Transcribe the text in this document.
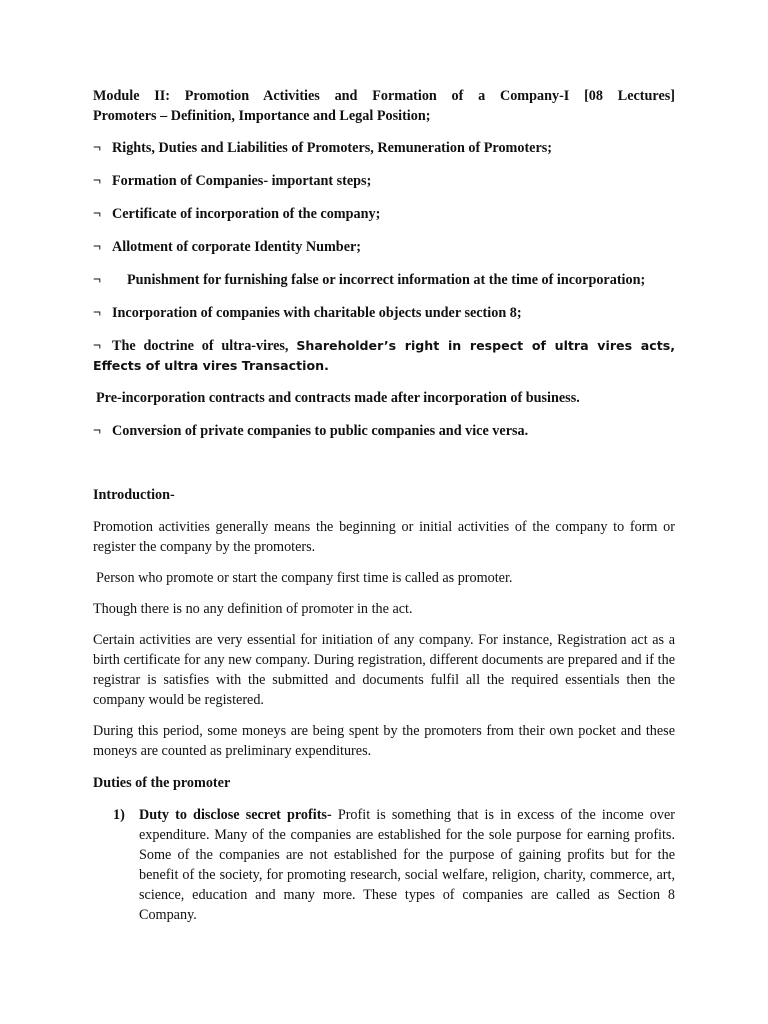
Module II: Promotion Activities and Formation of a Company-I [08 Lectures]

Promoters – Definition, Importance and Legal Position;

¬ Rights, Duties and Liabilities of Promoters, Remuneration of Promoters;

¬ Formation of Companies- important steps;

¬ Certificate of incorporation of the company;

¬ Allotment of corporate Identity Number;

¬ Punishment for furnishing false or incorrect information at the time of incorporation;

¬ Incorporation of companies with charitable objects under section 8;

¬ The doctrine of ultra-vires, Shareholder’s right in respect of ultra vires acts, Effects of ultra vires Transaction.

Pre-incorporation contracts and contracts made after incorporation of business.

¬ Conversion of private companies to public companies and vice versa.

Introduction-

Promotion activities generally means the beginning or initial activities of the company to form or register the company by the promoters.

Person who promote or start the company first time is called as promoter.

Though there is no any definition of promoter in the act.

Certain activities are very essential for initiation of any company. For instance, Registration act as a birth certificate for any new company. During registration, different documents are prepared and if the registrar is satisfies with the submitted and documents fulfil all the required essentials then the company would be registered.

During this period, some moneys are being spent by the promoters from their own pocket and these moneys are counted as preliminary expenditures.

Duties of the promoter

1) Duty to disclose secret profits- Profit is something that is in excess of the income over expenditure. Many of the companies are established for the sole purpose for earning profits. Some of the companies are not established for the purpose of gaining profits but for the benefit of the society, for promoting research, social welfare, religion, charity, commerce, art, science, education and many more. These types of companies are called as Section 8 Company.
